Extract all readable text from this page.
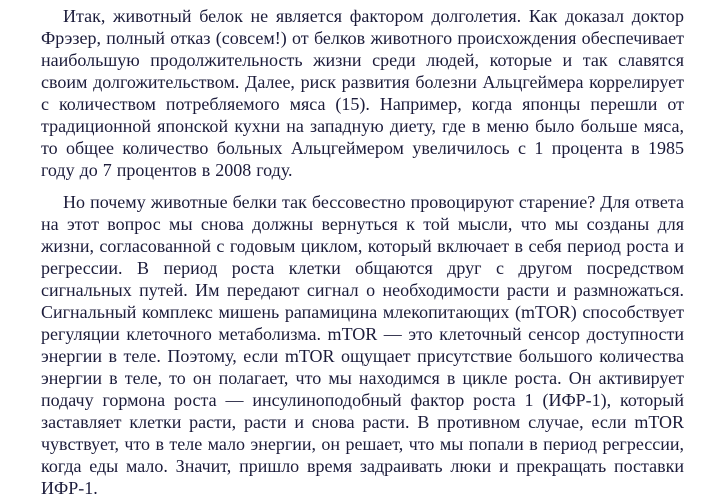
Итак, животный белок не является фактором долголетия. Как доказал доктор Фрэзер, полный отказ (совсем!) от белков животного происхождения обеспечивает наибольшую продолжительность жизни среди людей, которые и так славятся своим долгожительством. Далее, риск развития болезни Альцгеймера коррелирует с количеством потребляемого мяса (15). Например, когда японцы перешли от традиционной японской кухни на западную диету, где в меню было больше мяса, то общее количество больных Альцгеймером увеличилось с 1 процента в 1985 году до 7 процентов в 2008 году.

Но почему животные белки так бессовестно провоцируют старение? Для ответа на этот вопрос мы снова должны вернуться к той мысли, что мы созданы для жизни, согласованной с годовым циклом, который включает в себя период роста и регрессии. В период роста клетки общаются друг с другом посредством сигнальных путей. Им передают сигнал о необходимости расти и размножаться. Сигнальный комплекс мишень рапамицина млекопитающих (mTOR) способствует регуляции клеточного метаболизма. mTOR — это клеточный сенсор доступности энергии в теле. Поэтому, если mTOR ощущает присутствие большого количества энергии в теле, то он полагает, что мы находимся в цикле роста. Он активирует подачу гормона роста — инсулиноподобный фактор роста 1 (ИФР-1), который заставляет клетки расти, расти и снова расти. В противном случае, если mTOR чувствует, что в теле мало энергии, он решает, что мы попали в период регрессии, когда еды мало. Значит, пришло время задраивать люки и прекращать поставки ИФР-1.
